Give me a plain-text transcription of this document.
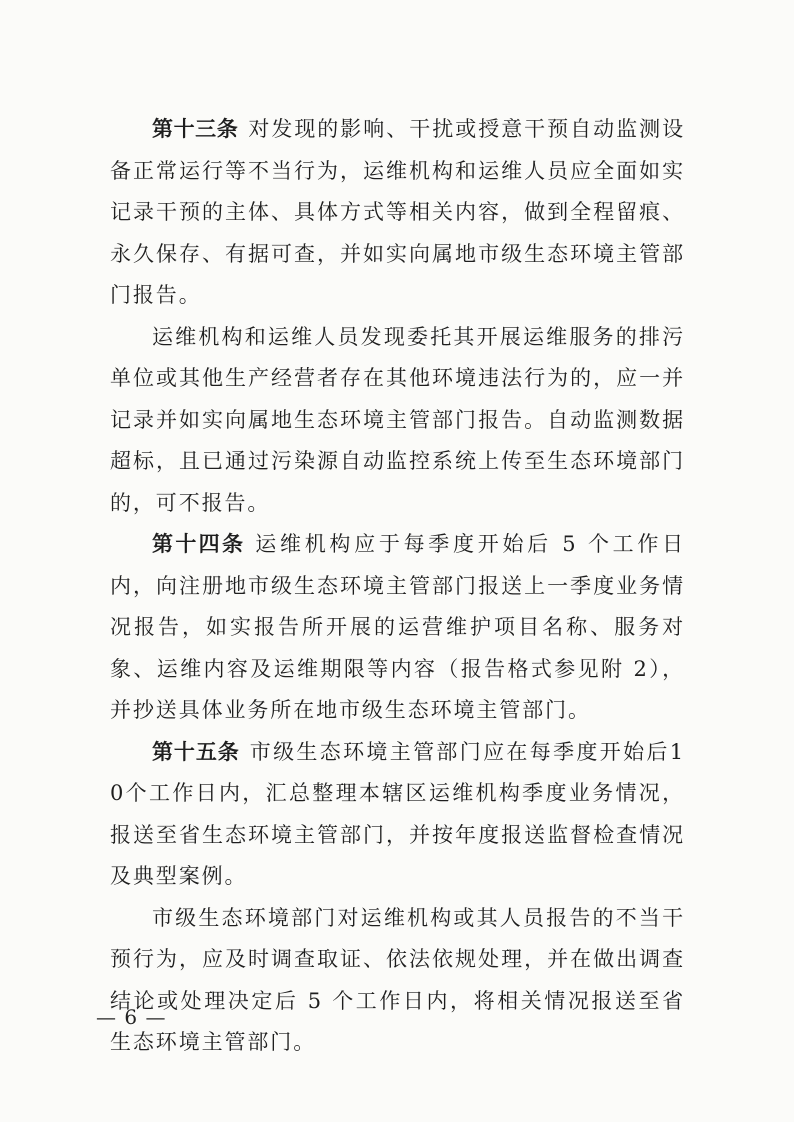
第十三条 对发现的影响、干扰或授意干预自动监测设备正常运行等不当行为，运维机构和运维人员应全面如实记录干预的主体、具体方式等相关内容，做到全程留痕、永久保存、有据可查，并如实向属地市级生态环境主管部门报告。

运维机构和运维人员发现委托其开展运维服务的排污单位或其他生产经营者存在其他环境违法行为的，应一并记录并如实向属地生态环境主管部门报告。自动监测数据超标，且已通过污染源自动监控系统上传至生态环境部门的，可不报告。

第十四条 运维机构应于每季度开始后 5 个工作日内，向注册地市级生态环境主管部门报送上一季度业务情况报告，如实报告所开展的运营维护项目名称、服务对象、运维内容及运维期限等内容（报告格式参见附 2），并抄送具体业务所在地市级生态环境主管部门。

第十五条 市级生态环境主管部门应在每季度开始后10个工作日内，汇总整理本辖区运维机构季度业务情况，报送至省生态环境主管部门，并按年度报送监督检查情况及典型案例。

市级生态环境部门对运维机构或其人员报告的不当干预行为，应及时调查取证、依法依规处理，并在做出调查结论或处理决定后 5 个工作日内，将相关情况报送至省生态环境主管部门。

— 6 —
